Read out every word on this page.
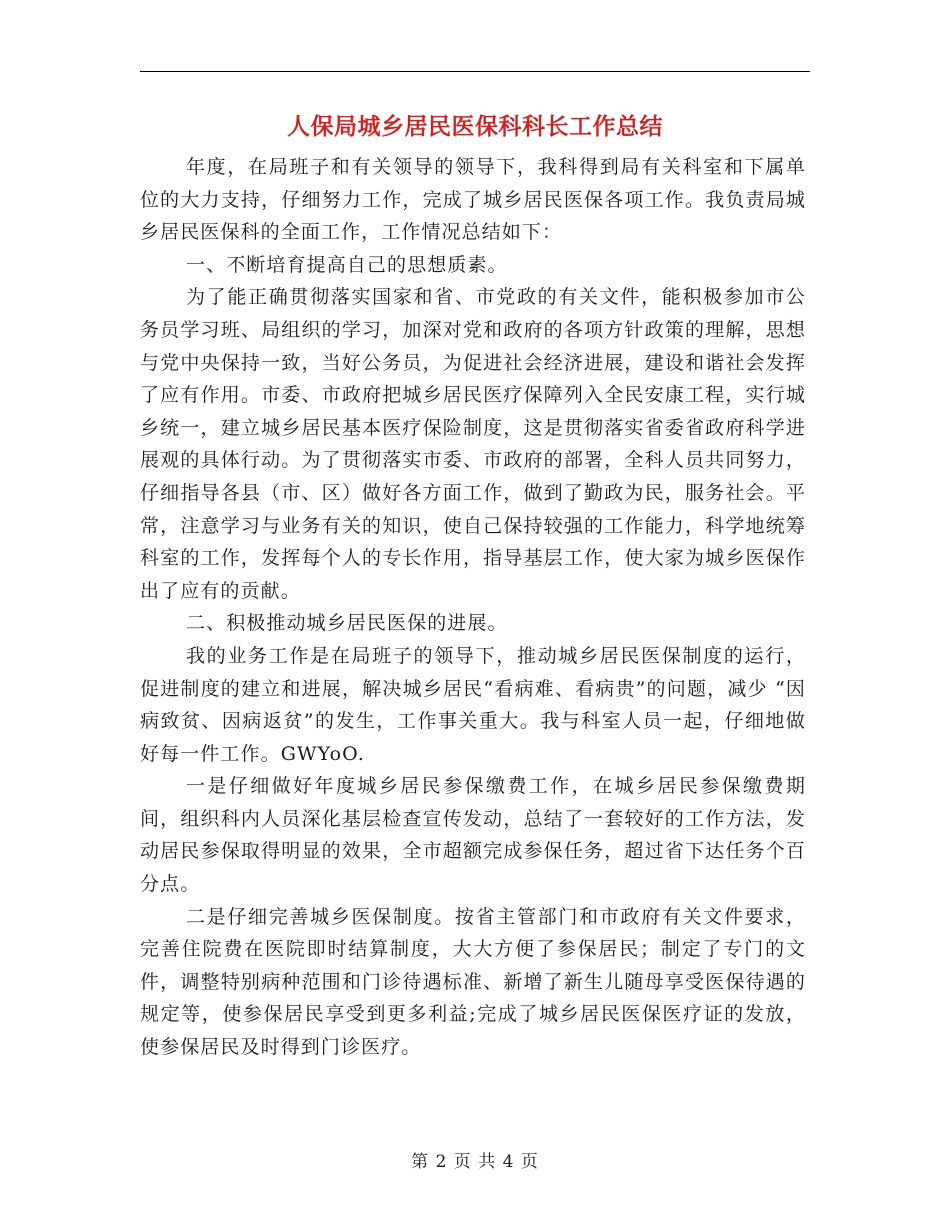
人保局城乡居民医保科科长工作总结

年度，在局班子和有关领导的领导下，我科得到局有关科室和下属单位的大力支持，仔细努力工作，完成了城乡居民医保各项工作。我负责局城乡居民医保科的全面工作，工作情况总结如下：

一、不断培育提高自己的思想质素。

为了能正确贯彻落实国家和省、市党政的有关文件，能积极参加市公务员学习班、局组织的学习，加深对党和政府的各项方针政策的理解，思想与党中央保持一致，当好公务员，为促进社会经济进展，建设和谐社会发挥了应有作用。市委、市政府把城乡居民医疗保障列入全民安康工程，实行城乡统一，建立城乡居民基本医疗保险制度，这是贯彻落实省委省政府科学进展观的具体行动。为了贯彻落实市委、市政府的部署，全科人员共同努力，仔细指导各县（市、区）做好各方面工作，做到了勤政为民，服务社会。平常，注意学习与业务有关的知识，使自己保持较强的工作能力，科学地统筹科室的工作，发挥每个人的专长作用，指导基层工作，使大家为城乡医保作出了应有的贡献。

二、积极推动城乡居民医保的进展。

我的业务工作是在局班子的领导下，推动城乡居民医保制度的运行，促进制度的建立和进展，解决城乡居民“看病难、看病贵”的问题，减少 “因病致贫、因病返贫”的发生，工作事关重大。我与科室人员一起，仔细地做好每一件工作。GWYoO.

一是仔细做好年度城乡居民参保缴费工作，在城乡居民参保缴费期间，组织科内人员深化基层检查宣传发动，总结了一套较好的工作方法，发动居民参保取得明显的效果，全市超额完成参保任务，超过省下达任务个百分点。

二是仔细完善城乡医保制度。按省主管部门和市政府有关文件要求，完善住院费在医院即时结算制度，大大方便了参保居民；制定了专门的文件，调整特别病种范围和门诊待遇标准、新增了新生儿随母享受医保待遇的规定等，使参保居民享受到更多利益;完成了城乡居民医保医疗证的发放，使参保居民及时得到门诊医疗。

第 2 页 共 4 页
